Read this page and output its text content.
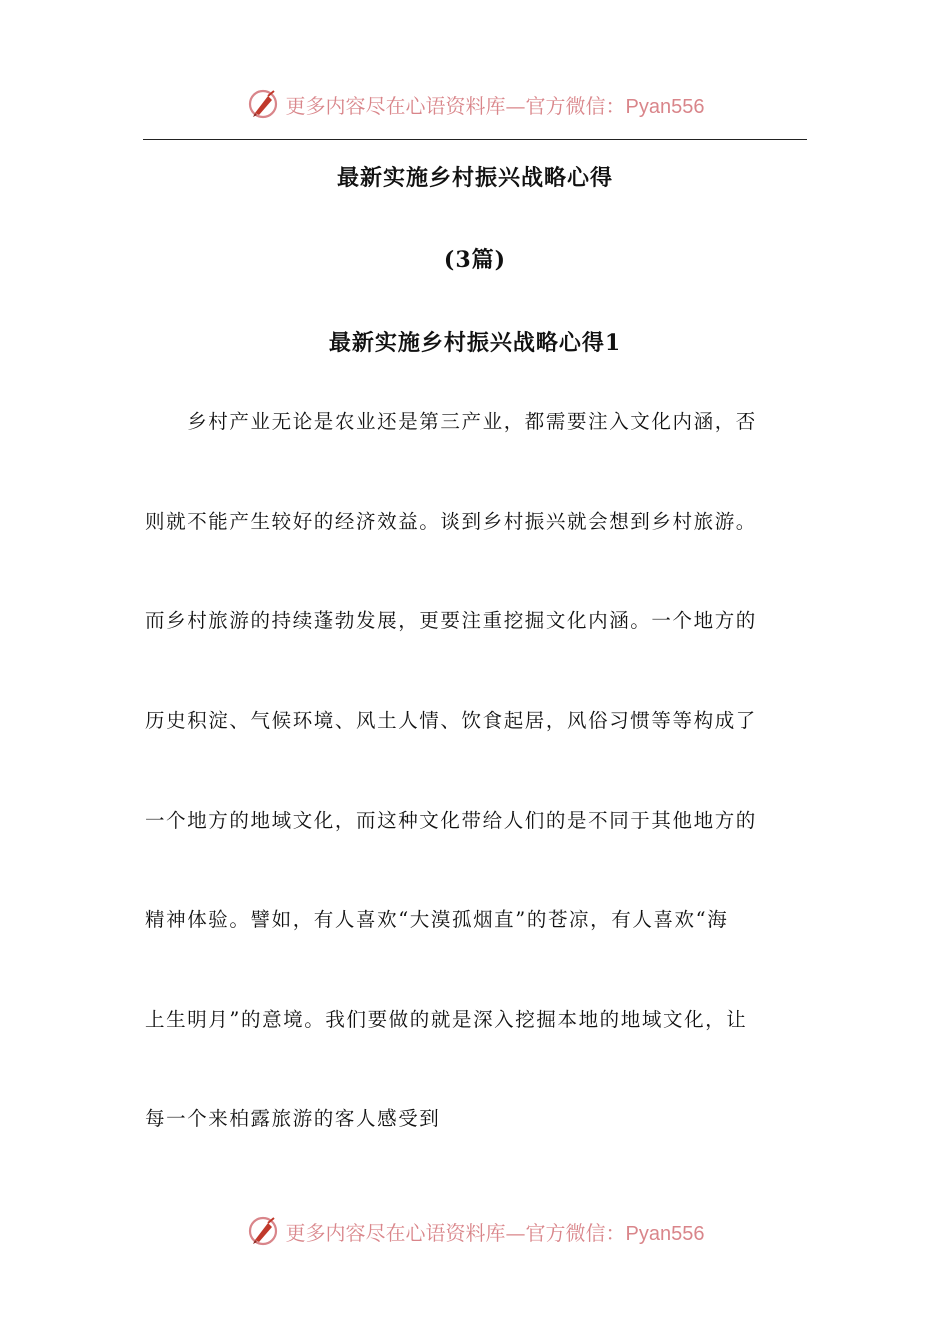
更多内容尽在心语资料库—官方微信：Pyan556
最新实施乡村振兴战略心得
(3篇)
最新实施乡村振兴战略心得1

　　乡村产业无论是农业还是第三产业，都需要注入文化内涵，否

则就不能产生较好的经济效益。谈到乡村振兴就会想到乡村旅游。

而乡村旅游的持续蓬勃发展，更要注重挖掘文化内涵。一个地方的

历史积淀、气候环境、风土人情、饮食起居，风俗习惯等等构成了

一个地方的地域文化，而这种文化带给人们的是不同于其他地方的

精神体验。譬如，有人喜欢“大漠孤烟直”的苍凉，有人喜欢“海

上生明月”的意境。我们要做的就是深入挖掘本地的地域文化，让

每一个来柏露旅游的客人感受到

更多内容尽在心语资料库—官方微信：Pyan556
